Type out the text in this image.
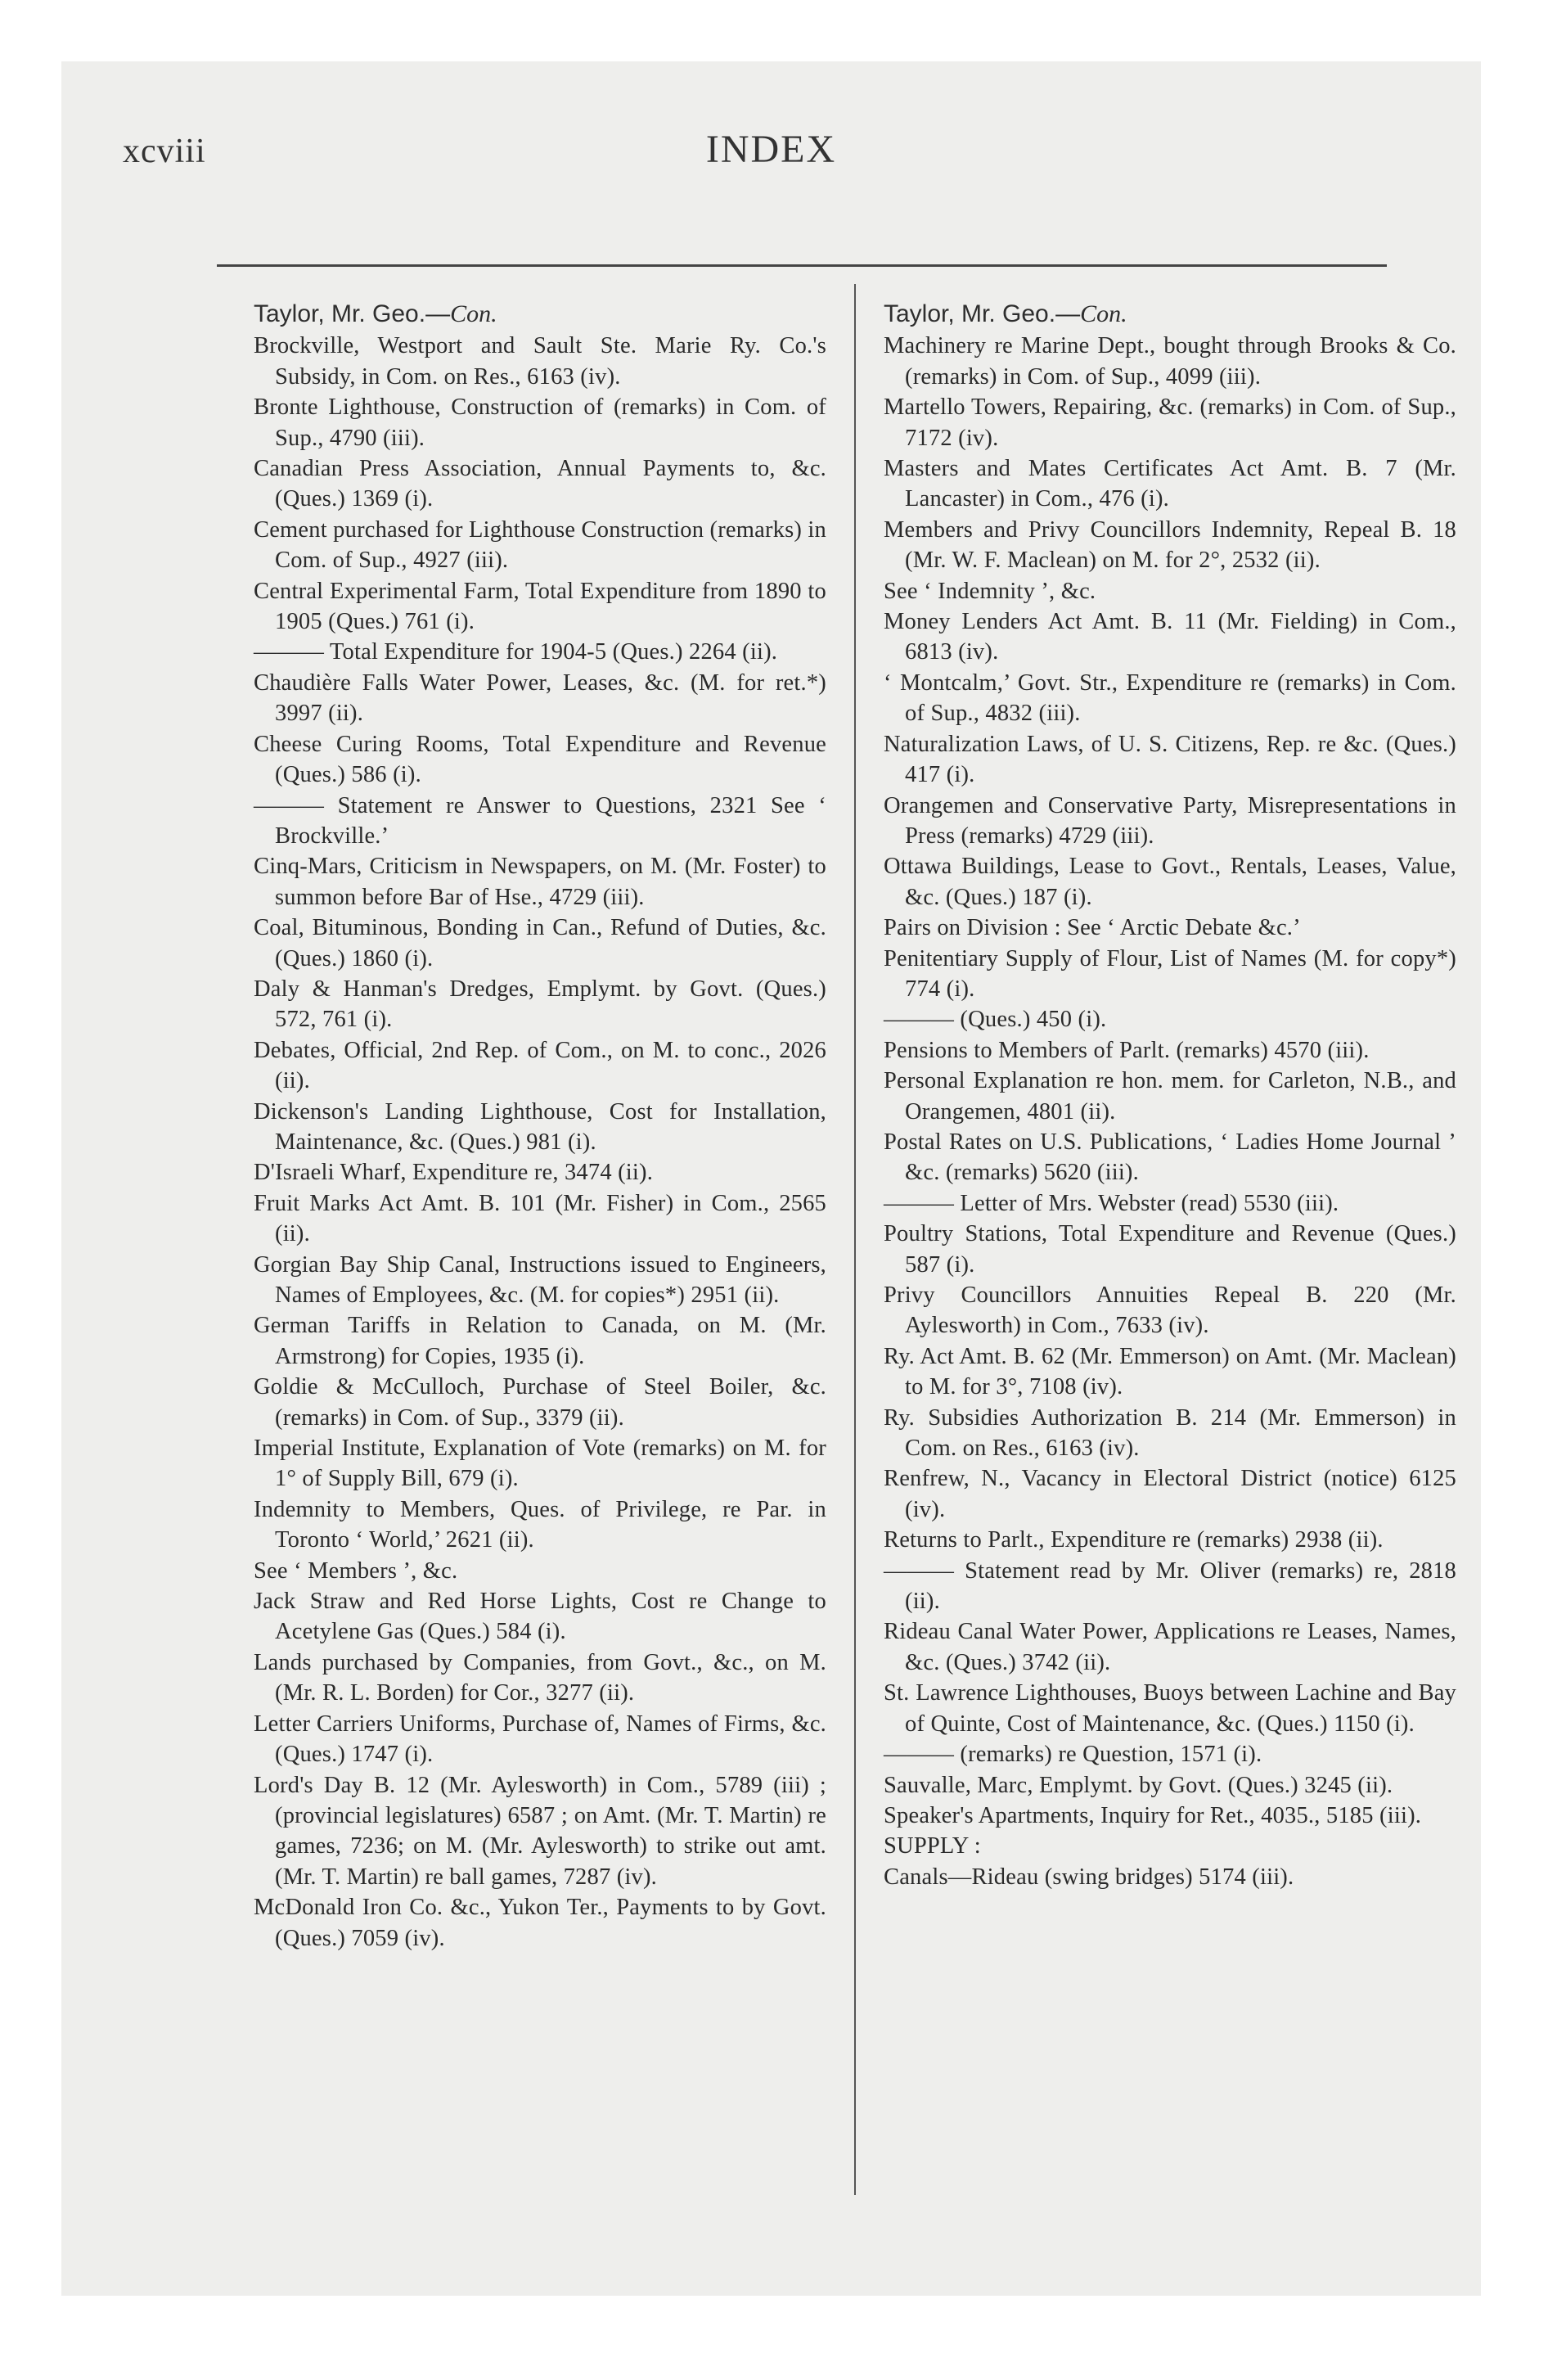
xcviii	INDEX
Taylor, Mr. Geo.—Con.

Brockville, Westport and Sault Ste. Marie Ry. Co.'s Subsidy, in Com. on Res., 6163 (iv).

Bronte Lighthouse, Construction of (remarks) in Com. of Sup., 4790 (iii).

Canadian Press Association, Annual Payments to, &c. (Ques.) 1369 (i).

Cement purchased for Lighthouse Construction (remarks) in Com. of Sup., 4927 (iii).

Central Experimental Farm, Total Expenditure from 1890 to 1905 (Ques.) 761 (i).

——— Total Expenditure for 1904-5 (Ques.) 2264 (ii).

Chaudière Falls Water Power, Leases, &c. (M. for ret.*) 3997 (ii).

Cheese Curing Rooms, Total Expenditure and Revenue (Ques.) 586 (i).

——— Statement re Answer to Questions, 2321 See ‘ Brockville.’

Cinq-Mars, Criticism in Newspapers, on M. (Mr. Foster) to summon before Bar of Hse., 4729 (iii).

Coal, Bituminous, Bonding in Can., Refund of Duties, &c. (Ques.) 1860 (i).

Daly & Hanman's Dredges, Emplymt. by Govt. (Ques.) 572, 761 (i).

Debates, Official, 2nd Rep. of Com., on M. to conc., 2026 (ii).

Dickenson's Landing Lighthouse, Cost for Installation, Maintenance, &c. (Ques.) 981 (i).

D'Israeli Wharf, Expenditure re, 3474 (ii).

Fruit Marks Act Amt. B. 101 (Mr. Fisher) in Com., 2565 (ii).

Gorgian Bay Ship Canal, Instructions issued to Engineers, Names of Employees, &c. (M. for copies*) 2951 (ii).

German Tariffs in Relation to Canada, on M. (Mr. Armstrong) for Copies, 1935 (i).

Goldie & McCulloch, Purchase of Steel Boiler, &c. (remarks) in Com. of Sup., 3379 (ii).

Imperial Institute, Explanation of Vote (remarks) on M. for 1° of Supply Bill, 679 (i).

Indemnity to Members, Ques. of Privilege, re Par. in Toronto ‘ World,’ 2621 (ii).

See ‘ Members ’, &c.

Jack Straw and Red Horse Lights, Cost re Change to Acetylene Gas (Ques.) 584 (i).

Lands purchased by Companies, from Govt., &c., on M. (Mr. R. L. Borden) for Cor., 3277 (ii).

Letter Carriers Uniforms, Purchase of, Names of Firms, &c. (Ques.) 1747 (i).

Lord's Day B. 12 (Mr. Aylesworth) in Com., 5789 (iii) ; (provincial legislatures) 6587 ; on Amt. (Mr. T. Martin) re games, 7236; on M. (Mr. Aylesworth) to strike out amt. (Mr. T. Martin) re ball games, 7287 (iv).

McDonald Iron Co. &c., Yukon Ter., Payments to by Govt. (Ques.) 7059 (iv).

Taylor, Mr. Geo.—Con.

Machinery re Marine Dept., bought through Brooks & Co. (remarks) in Com. of Sup., 4099 (iii).

Martello Towers, Repairing, &c. (remarks) in Com. of Sup., 7172 (iv).

Masters and Mates Certificates Act Amt. B. 7 (Mr. Lancaster) in Com., 476 (i).

Members and Privy Councillors Indemnity, Repeal B. 18 (Mr. W. F. Maclean) on M. for 2°, 2532 (ii).

See ‘ Indemnity ’, &c.

Money Lenders Act Amt. B. 11 (Mr. Fielding) in Com., 6813 (iv).

‘ Montcalm,’ Govt. Str., Expenditure re (remarks) in Com. of Sup., 4832 (iii).

Naturalization Laws, of U. S. Citizens, Rep. re &c. (Ques.) 417 (i).

Orangemen and Conservative Party, Misrepresentations in Press (remarks) 4729 (iii).

Ottawa Buildings, Lease to Govt., Rentals, Leases, Value, &c. (Ques.) 187 (i).

Pairs on Division : See ‘ Arctic Debate &c.’

Penitentiary Supply of Flour, List of Names (M. for copy*) 774 (i).

——— (Ques.) 450 (i).

Pensions to Members of Parlt. (remarks) 4570 (iii).

Personal Explanation re hon. mem. for Carleton, N.B., and Orangemen, 4801 (ii).

Postal Rates on U.S. Publications, ‘ Ladies Home Journal ’ &c. (remarks) 5620 (iii).

——— Letter of Mrs. Webster (read) 5530 (iii).

Poultry Stations, Total Expenditure and Revenue (Ques.) 587 (i).

Privy Councillors Annuities Repeal B. 220 (Mr. Aylesworth) in Com., 7633 (iv).

Ry. Act Amt. B. 62 (Mr. Emmerson) on Amt. (Mr. Maclean) to M. for 3°, 7108 (iv).

Ry. Subsidies Authorization B. 214 (Mr. Emmerson) in Com. on Res., 6163 (iv).

Renfrew, N., Vacancy in Electoral District (notice) 6125 (iv).

Returns to Parlt., Expenditure re (remarks) 2938 (ii).

——— Statement read by Mr. Oliver (remarks) re, 2818 (ii).

Rideau Canal Water Power, Applications re Leases, Names, &c. (Ques.) 3742 (ii).

St. Lawrence Lighthouses, Buoys between Lachine and Bay of Quinte, Cost of Maintenance, &c. (Ques.) 1150 (i).

——— (remarks) re Question, 1571 (i).

Sauvalle, Marc, Emplymt. by Govt. (Ques.) 3245 (ii).

Speaker's Apartments, Inquiry for Ret., 4035., 5185 (iii).

SUPPLY :

Canals—Rideau (swing bridges) 5174 (iii).
